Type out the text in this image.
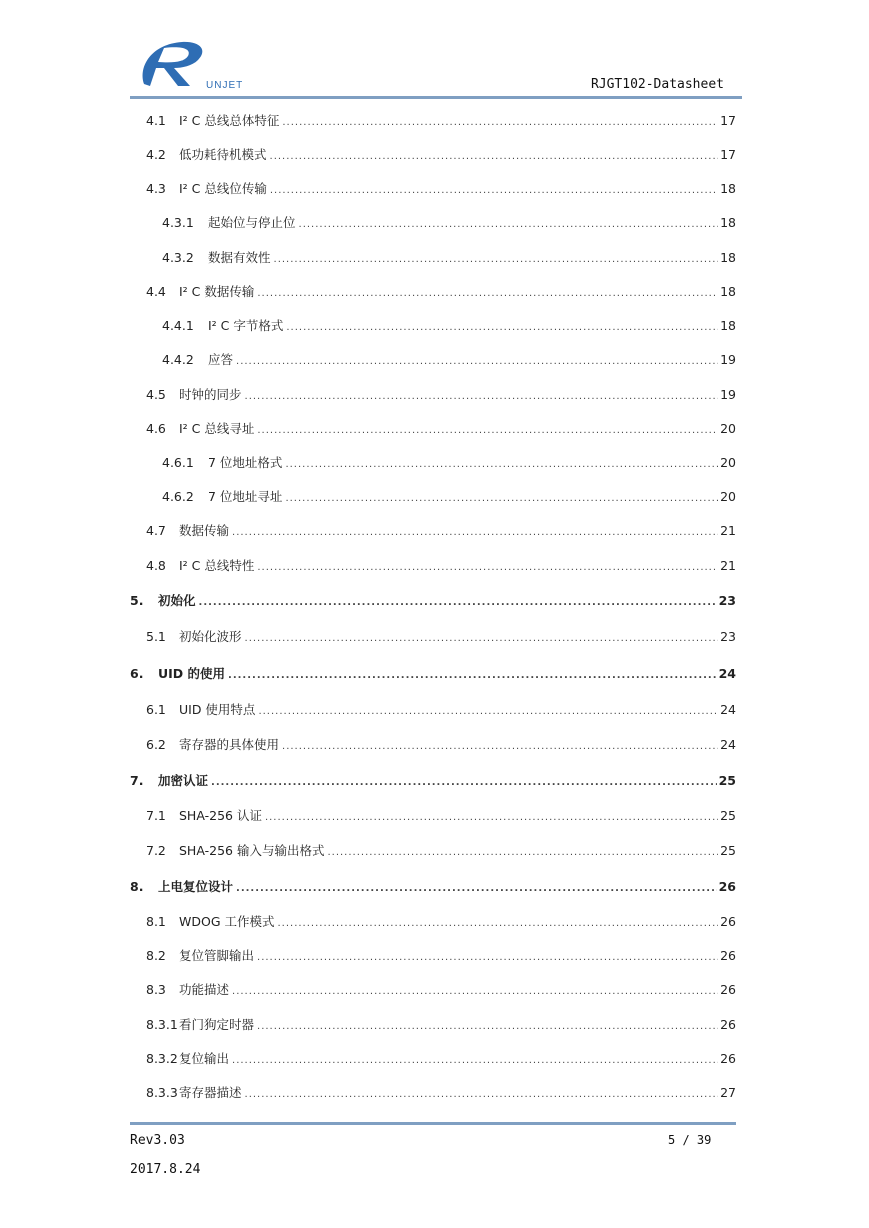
UNJET	RJGT102-Datasheet
4.1	I² C 总线总体特征 .....	17
4.2	低功耗待机模式 .....	17
4.3	I² C 总线位传输 .....	18
4.3.1	起始位与停止位 .....	18
4.3.2	数据有效性 .....	18
4.4	I² C 数据传输 .....	18
4.4.1	I² C 字节格式 .....	18
4.4.2	应答 .....	19
4.5	时钟的同步 .....	19
4.6	I² C 总线寻址 .....	20
4.6.1	7 位地址格式 .....	20
4.6.2	7 位地址寻址 .....	20
4.7	数据传输 .....	21
4.8	I² C 总线特性 .....	21
5.	初始化 .....	23
5.1	初始化波形 .....	23
6.	UID 的使用 .....	24
6.1	UID 使用特点 .....	24
6.2	寄存器的具体使用 .....	24
7.	加密认证 .....	25
7.1	SHA-256 认证 .....	25
7.2	SHA-256 输入与输出格式 .....	25
8.	上电复位设计 .....	26
8.1	WDOG 工作模式 .....	26
8.2	复位管脚输出 .....	26
8.3	功能描述 .....	26
8.3.1 看门狗定时器 .....	26
8.3.2 复位输出 .....	26
8.3.3 寄存器描述 .....	27
Rev3.03	5 / 39
2017.8.24
